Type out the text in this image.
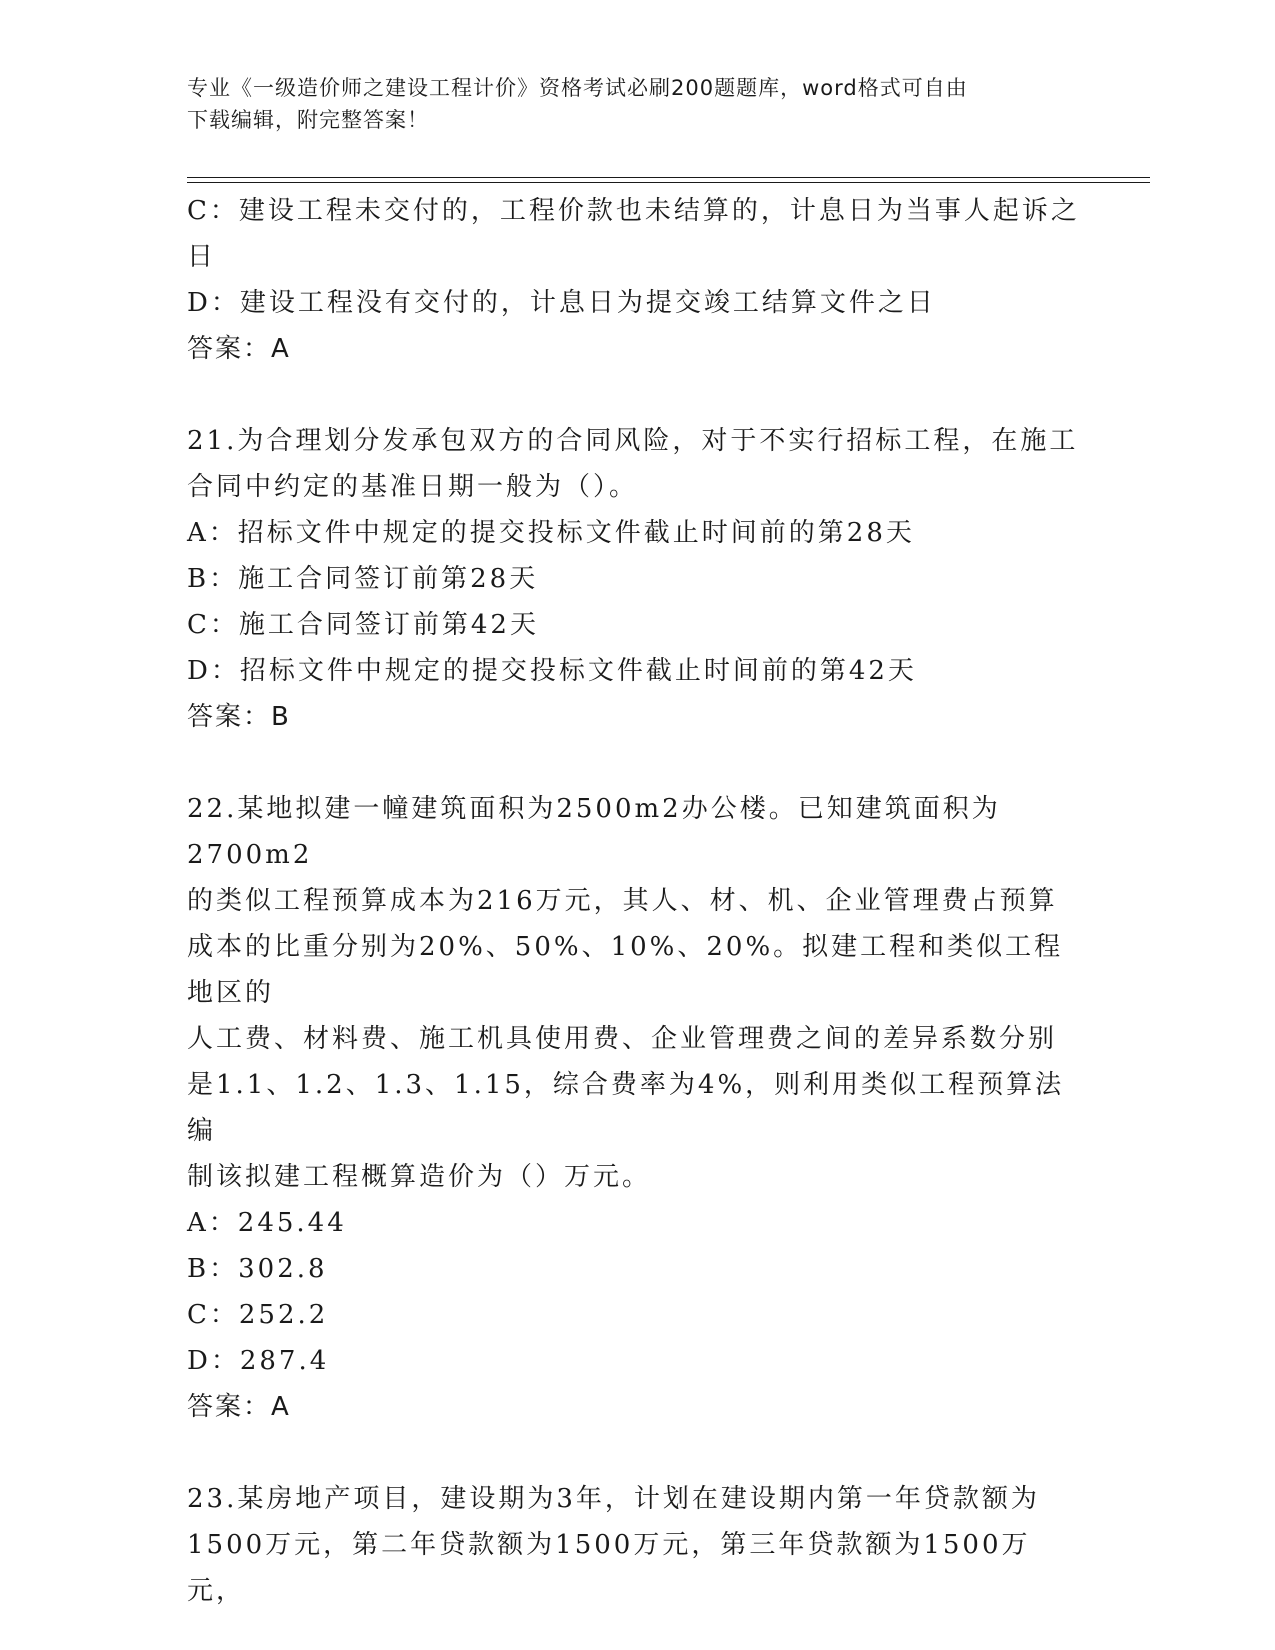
专业《一级造价师之建设工程计价》资格考试必刷200题题库，word格式可自由
下载编辑，附完整答案！

C：建设工程未交付的，工程价款也未结算的，计息日为当事人起诉之

日

D：建设工程没有交付的，计息日为提交竣工结算文件之日

答案：A

21.为合理划分发承包双方的合同风险，对于不实行招标工程，在施工

合同中约定的基准日期一般为（）。

A：招标文件中规定的提交投标文件截止时间前的第28天

B：施工合同签订前第28天

C：施工合同签订前第42天

D：招标文件中规定的提交投标文件截止时间前的第42天

答案：B

22.某地拟建一幢建筑面积为2500m2办公楼。已知建筑面积为2700m2

的类似工程预算成本为216万元，其人、材、机、企业管理费占预算

成本的比重分别为20%、50%、10%、20%。拟建工程和类似工程地区的

人工费、材料费、施工机具使用费、企业管理费之间的差异系数分别

是1.1、1.2、1.3、1.15，综合费率为4%，则利用类似工程预算法编

制该拟建工程概算造价为（）万元。

A：245.44

B：302.8

C：252.2

D：287.4

答案：A

23.某房地产项目，建设期为3年，计划在建设期内第一年贷款额为

1500万元，第二年贷款额为1500万元，第三年贷款额为1500万元，
